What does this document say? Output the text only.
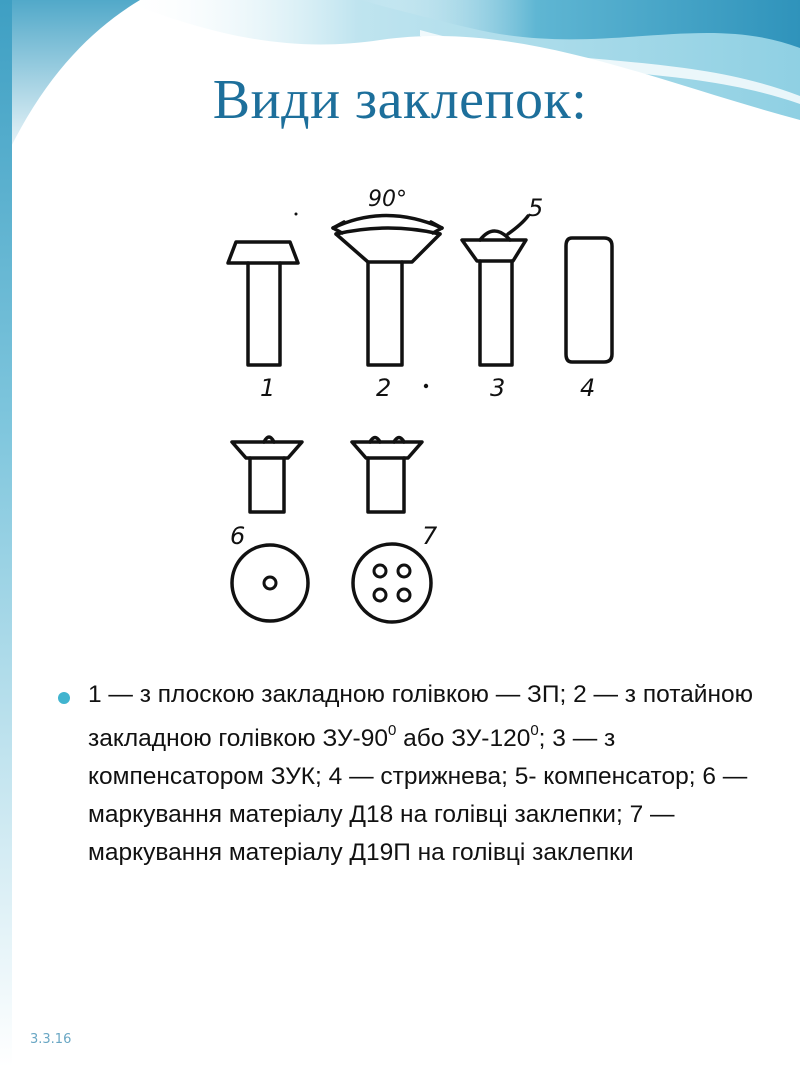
Види заклепок:
90°
1	2	3	4
5
6	7

1 — з плоскою закладною голівкою — ЗП; 2 — з потайною закладною голівкою $ЗУ-90^0$ або $ЗУ-120^0$; 3 — з компенсатором ЗУК; 4 — стрижнева; 5- компенсатор; 6 — маркування матеріалу Д18 на голівці заклепки; 7 — маркування матеріалу Д19П на голівці заклепки

3.3.16
